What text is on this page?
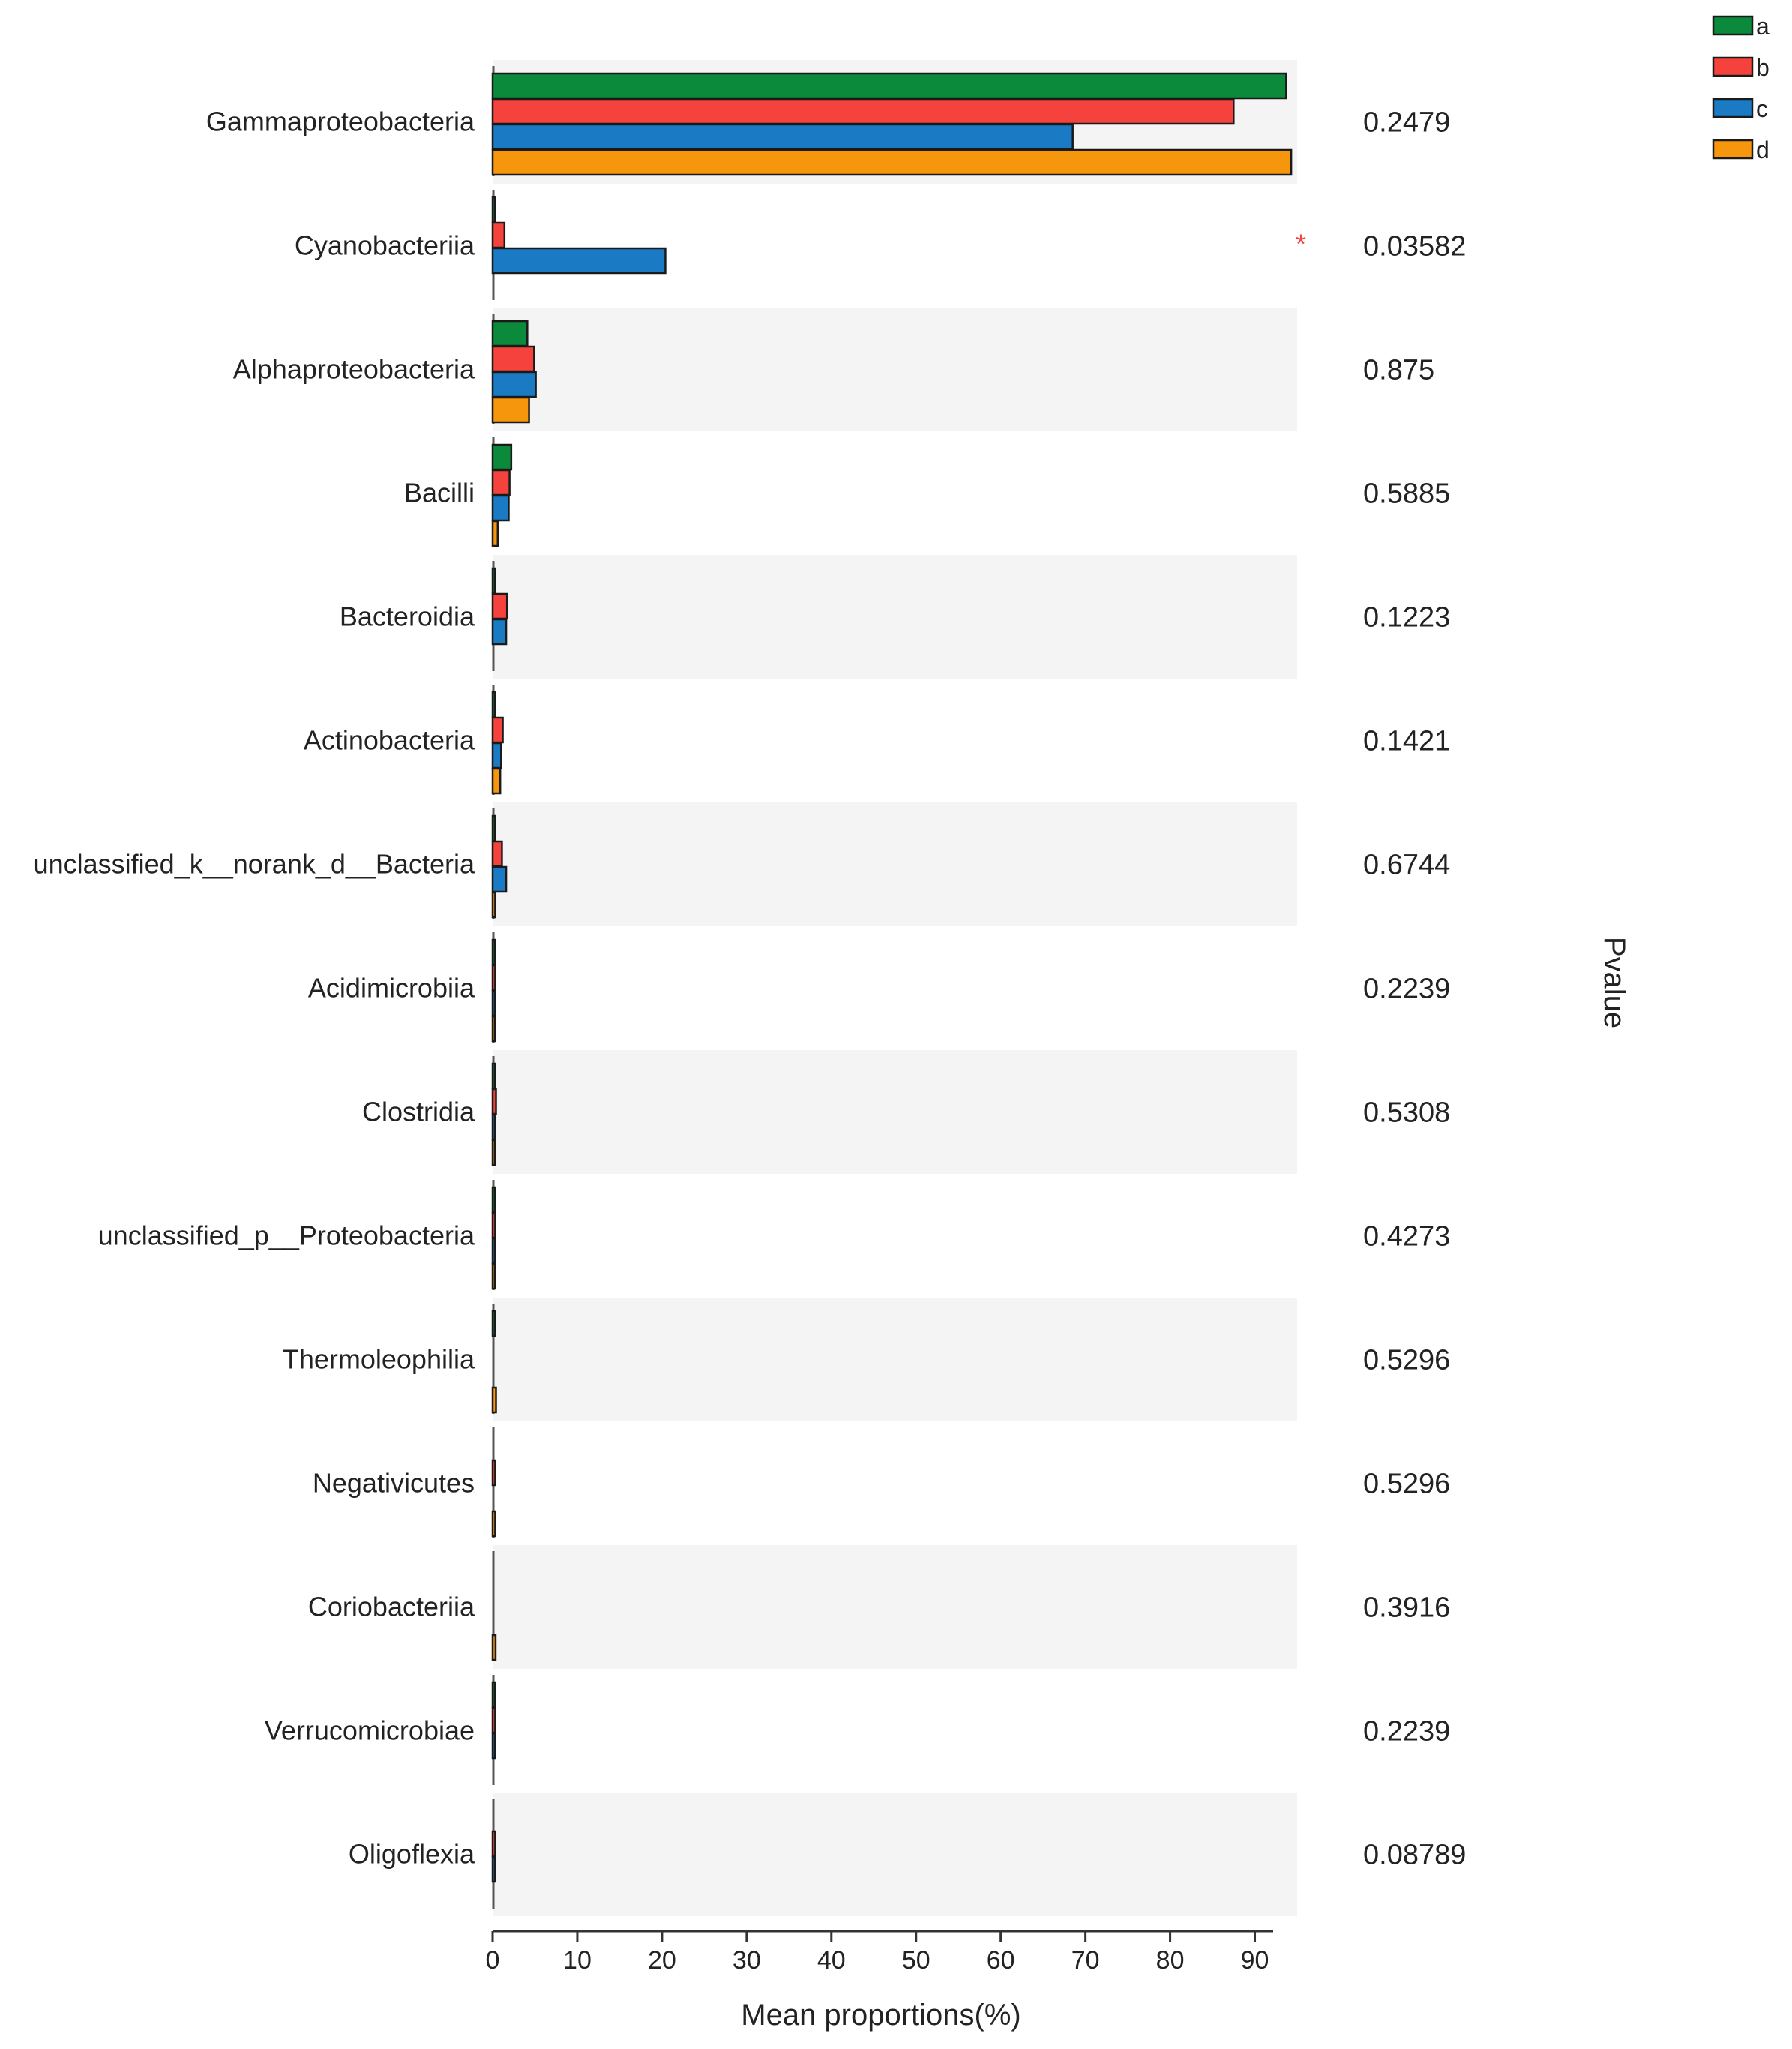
Gammaproteobacteria
Cyanobacteriia
Alphaproteobacteria
Bacilli
Bacteroidia
Actinobacteria
unclassified_k__norank_d__Bacteria
Acidimicrobiia
Clostridia
unclassified_p__Proteobacteria
Thermoleophilia
Negativicutes
Coriobacteriia
Verrucomicrobiae
Oligoflexia
0.2479
0.03582
*
0.875
0.5885
0.1223
0.1421
0.6744
0.2239
0.5308
0.4273
0.5296
0.5296
0.3916
0.2239
0.08789
0 10 20 30 40 50 60 70 80 90
a
b
c
d
Mean proportions(%)
Pvalue
